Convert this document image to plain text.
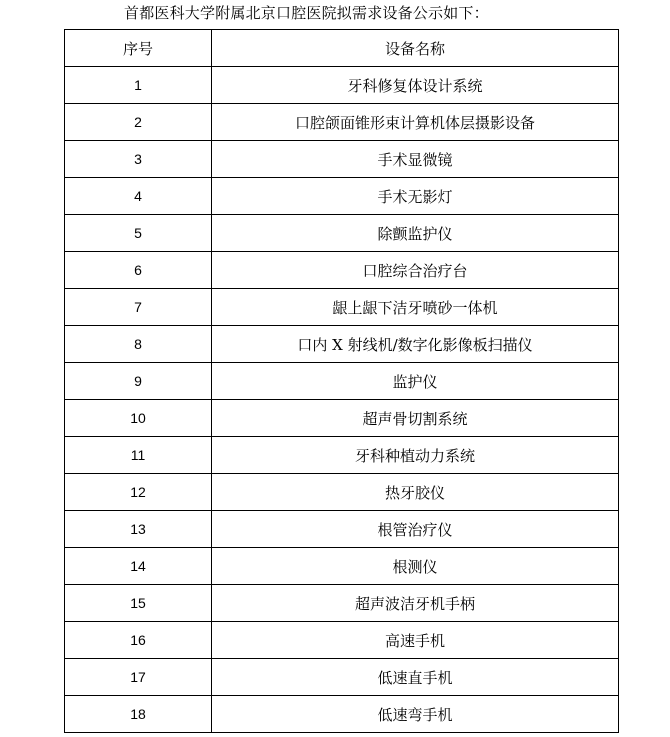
首都医科大学附属北京口腔医院拟需求设备公示如下：
序号	设备名称
1	牙科修复体设计系统
2	口腔颌面锥形束计算机体层摄影设备
3	手术显微镜
4	手术无影灯
5	除颤监护仪
6	口腔综合治疗台
7	龈上龈下洁牙喷砂一体机
8	口内 X 射线机/数字化影像板扫描仪
9	监护仪
10	超声骨切割系统
11	牙科种植动力系统
12	热牙胶仪
13	根管治疗仪
14	根测仪
15	超声波洁牙机手柄
16	高速手机
17	低速直手机
18	低速弯手机
